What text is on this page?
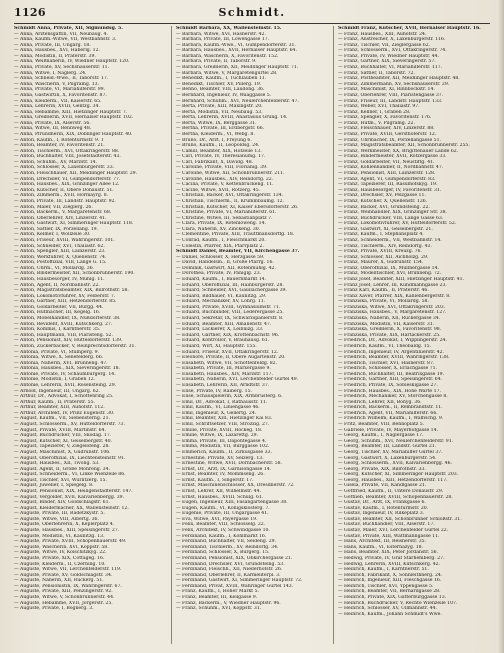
1126	Schmidt.
Schmidt Anna, Private, XII, Sigmundsg. 5.
— Anna, Ärztensgattin, VII, Neubaug. 4.
— Anna, Kaufm.-Witwe, VII, Westbahnstr. 3.
— Anna, Private, III, Ungarg. 18.
— Anna, Hausbes., XVI, Haberlg. 12.
— Anna, Modistin, II, Praterstr. 39.
— Anna, Weißnäherin, IV, Wiedner Hauptstr. 120.
— Anna, Private, XV, Sechshauserstr. 11.
— Anna, Witwe, I, Naglerg. 24.
— Anna, Schneid.-Wwe., II, Taborstr. 17.
— Anna, Wäscherin, V, Pilgramg. 13.
— Anna, Private, VI, Mariahilferstr. 99.
— Anna, Gastwirtin, X, Favoritenstr. 87.
— Anna, Kleiderm., VII, Kaiserstr. 65.
— Anna, Lehrerin, XVIII, Gentzg. 34.
— Anna, Hebamme, XIII, Hietzinger Hauptstr. 7.
— Anna, Greißlerin, XVII, Hernalser Hauptstr. 102.
— Anna, Private, IX, Alserstr. 56.
— Anna, Witwe, III, Rennweg 48.
— Anna, Pfründnerin, XIX, Döblinger Hauptstr. 40.
— Anton, Kaufm., I, Rotenturmstr. 9. T
— Anton, Beamter, IV, Favoritenstr. 21.
— Anton, Tischlerm., XVI, Ottakringerstr. 88.
— Anton, Buchhalter, VIII, Josefstädterstr. 43.
— Anton, Schuhm., XV, Märzstr. 14.
— Anton, Schlosser, X, Laxenburgerstr. 33.
— Anton, Fleischhauer, XII, Meidlinger Hauptstr. 29.
— Anton, Drechsler, VI, Gumpendorferstr. 77.
— Anton, Hausbes., XIX, Grinzinger Allee 12.
— Anton, Kutscher, II, Obere Donaustr. 51.
— Anton, Zimmerm., XVII, Hormayrg. 8.
— Anton, Private, III, Landstr. Hauptstr. 92.
— Anton, Maler, VII, Zieglerg. 26.
— Anton, Bäckerm., V, Margaretenstr. 68.
— Anton, Oberlehrer, XIV, Linzerstr. 41.
— Anton, Gastwirt, XI, Simmeringer Hauptstr. 118.
— Anton, Sattler, IX, Porzellang. 19.
— Anton, Kellner, I, Wollzeile 30.
— Anton, Friseur, XVIII, Währingerstr. 101.
— Anton, Schneider, XVI, Thaliastr. 62.
— Anton, Spengler, XIII, Lainzerstr. 23.
— Anton, Werkführer, X, Quellenstr. 74.
— Anton, Postoffizial, VIII, Lange G. 15.
— Anton, Uhrm., VI, Mollardg. 36.
— Anton, Bindermeister, XII, Schönbrunnerstr. 190.
— Anton, Hausbesorger, IV, Mühlg. 11.
— Anton, Agent, II, Nordbahnstr. 22.
— Anton, Magistratsbeamter, XIX, Billrothstr. 58.
— Anton, Lokomotivführer, XV, Felberstr. 7.
— Anton, Gärtner, XIII, Hetzendorferstr. 85.
— Anton, Goldarbeiter, VII, Burgg. 44.
— Anton, Hutmacher, III, Kegelg. 16.
— Anton, Möbelhändler, IX, Nußdorferstr. 38.
— Anton, Revident, XVIII, Kutschkerg. 27.
— Anton, Kommis, I, Kärntnerstr. 35.
— Anton, Hauptmann, VIII, Piaristeng. 52.
— Anton, Pensionist, XIV, Hütteldorferstr. 139.
— Anton, Zuckerbäcker, V, Reinprechtsdorferstr. 31.
— Antonia, Private, VI, Stumperg. 9.
— Antonia, Witwe, X, Senefelderg. 66.
— Antonia, Näherin, XVI, Brunneng. 47.
— Antonia, Hausbes., XIX, Sieveringerstr. 18.
— Antonie, Private, IV, Schaumburgerg. 14.
— Antonie, Modistin, I, Graben 12.
— Antonie, Lehrerin, XVII, Rosensteing. 29.
— Arnold, Ingenieur, III, Ungarg. 62.
— Arthur, Dr., Advokat, I, Schottenring 25.
— Arthur, Kaufm., II, Praterstr. 55.
— Arthur, Beamter, XIII, Auhofstr. 112.
— Arthur, Architekt, IV, Prinz Eugenstr. 30.
— August, Kaufm., VII, Siebensterng. 21.
— August, Schlosserm., XV, Hütteldorferstr. 73.
— August, Private, XVIII, Martinstr. 64.
— August, Buchdrucker, VIII, Skodag. 17.
— August, Kutscher, XI, Geiselbergstr. 40.
— August, Tapezierer, V, Ziegelofeng. 28.
— August, Maschinist, X, Gudrunstr. 106.
— August, Oberoffizial, IX, Liechtensteinstr. 91.
— August, Hausbes., XII, Tivolig. 53.
— August, Agent, II, Große Mohreng. 34.
— August, Schneiderm., VI, Linke Wienzeile 86.
— August, Tischler, XVI, Wurlitzerg. 15.
— August, Juwelier, I, Spiegelg. 8.
— August, Pensionist, XIX, Heiligenstädterstr. 147.
— August, Vergolder, XVII, Kalvarienbergg. 39.
— August, Binder, XIV, Goldschlagstr. 61.
— August, Kleidermacher, XX, Wallensteinstr. 12.
— Auguste, Private, III, Radetzkystr. 5.
— Auguste, Witwe, VIII, Albertg. 36.
— Auguste, Oberlehrerin, X, Keplerplatz 4.
— Auguste, Hausbes., XIII, Speisingerstr. 27.
— Auguste, Modistin, VI, Kaunitzg. 13.
— Auguste, Private, XVIII, Schopenhauerstr. 49.
— Auguste, Wäscherin, XVI, Koppstr. 58.
— Auguste, Witwe, IV, Kolschitzkyg. 22.
— Auguste, Private, XIX, Cottageg. 16.
— Auguste, Kleiderm., II, Czerning. 10.
— Auguste, Witwe, VII, Lerchenfelderstr. 119.
— Auguste, Private, XV, Goldschlagstr. 34.
— Auguste, Näherin, XII, Ruckerg. 51.
— Auguste, Pensionistin, IX, Währingerstr. 67.
— Auguste, Private, XIII, Penzingerstr. 92.
— Auguste, Witwe, V, Schönbrunnerstr. 44.
— Auguste, Hebamme, XVII, Jörgerstr. 25.
— Auguste, Private, I, Bognerg. 3.
Schmidt Barbara, XX, Wallensteinstr. 15.
— Barbara, Witwe, XVI, Hasnerstr. 42.
— Barbara, Private, III, Löwengasse 17.
— Barbara, Kaufm.-Wwe., VI, Gumpendorferstr. 31.
— Barbara, Hausbes., XVII, Hernalser Hauptstr. 64.
— Barbara, Wäscherin, X, Favoritenstr. 152.
— Barbara, Private, II, Taborstr. 9.
— Barbara, Greißlerin, XII, Meidlinger Hauptstr. 71.
— Barbara, Witwe, V, Margaretengürtel 28.
— Benedikt, Kaufm., I, Tuchlauben 11.
— Benedikt, Tischler, XV, Pillerg. 19.
— Benno, Beamter, VIII, Laudong. 36.
— Bernhard, Ingenieur, IV, Waaggasse 5.
— Bernhard, Schuhm., XVI, Neulerchenfelderstr. 47.
— Berta, Private, XIII, Maxingstr. 20.
— Berta, Modistin, VII, Neubaug. 53.
— Berta, Lehrerin, XVIII, Anastasius Grüng. 14.
— Berta, Witwe, IX, Berggasse 31.
— Bertha, Private, III, Erdbergstr. 66.
— Bertha, Kleiderm., VI, Webg. 8.
— Bruno, Dr., Arzt, I, Freyung 6.
— Bruno, Kaufm., II, Leopoldsg. 24.
— Camill, Beamter, XIX, Hofzeile 13.
— Carl, Private, IV, Theresianumg. 17.
— Carl, Fabrikant, X, Davidg. 48.
— Caroline, Private, VIII, Florianig. 39.
— Caroline, Witwe, XII, Schönbrunnerstr. 211.
— Caroline, Hausbes., XIV, Reindorfg. 22.
— Cäcilia, Private, V, Kettenbrückeng. 11.
— Cäcilie, Witwe, XVII, Rötzerg. 45.
— Christian, Bäcker, XVI, Ottakringerstr. 134.
— Christian, Tischlerm., II, Krummbaumg. 12.
— Christian, Kutscher, XI, Kaiser Ebersdorferstr. 26.
— Christine, Private, VI, Mariahilferstr. 61.
— Christine, Witwe, III, Sebastianplatz 7.
— Clara, Private, IX, Rotenlöweng. 14.
— Clara, Näherin, XV, Zinckeng. 30.
— Clementine, Private, XIII, Trauttmansdorffg. 18.
— Conrad, Kaufm., I, Fleischmarkt 20.
— Cölestin, Pfarrer, XIX, Pfarrplatz 2.
Schmidt Daniel, Beamter, VII, Kirchengasse 37.
— Daniel, Schlosser, X, Herzgasse 59.
— David, Handelsm., II, Große Pfarrg. 16.
— Dominik, Gastwirt, XII, Rotenmühlg. 42.
— Dorothea, Private, IV, Paniglg. 23.
— Eduard, Kaufm., I, Bauernmarkt 14.
— Eduard, Oberoffizial, III, Hainburgerstr. 28.
— Eduard, Schneider, XVI, Gaullachergasse 39.
— Eduard, Bildhauer, VI, Kaunitzg. 29.
— Eduard, Mechaniker, XV, Löhrg. 11.
— Eduard, Private, XVIII, Gymnasiumstr. 71.
— Eduard, Buchbinder, VIII, Lederergasse 25.
— Eduard, Sekretär, IX, Schwarzspanierstr. 8.
— Eduard, Beamter, XIII, Amalienstr. 47.
— Eduard, Lackierer, X, Leibnizg. 33.
— Eduard, Gärtner, XIX, Krottenbachstr. 96.
— Eduard, Kontrollor, V, Bräuhausg. 61.
— Eduard, Wirt, XI, Hauptstr. 155.
— Eduard, Friseur, XVII, Ottakringerstr. 12.
— Eleonore, Private, II, Obere Augartenstr. 20.
— Elisabeth, Witwe, VII, Schottenfeldg. 82.
— Elisabeth, Private, III, Marxergasse 9.
— Elisabeth, Hausbes., XIV, Märzstr. 117.
— Elisabeth, Näherin, XVI, Lerchenfelder Gürtel 49.
— Elisabeth, Lehrerin, XII, Arndtstr. 37.
— Elise, Private, IV, Rainerg. 15.
— Elise, Schauspielerin, XIX, Armbrusterg. 6.
— Emil, Dr., Advokat, I, Rathausstr. 11.
— Emil, Kaufm., VI, Liniengasse 46.
— Emil, Ingenieur, X, Gellertg. 24.
— Emil, Beamter, XIII, Hietzinger Kai 83.
— Emil, Schriftsetzer, VIII, Strozzig. 27.
— Emilie, Private, XVIII, Hockeg. 18.
— Emilie, Witwe, IX, Lazarettg. 29.
— Emma, Private, III, Dapontegasse 4.
— Emma, Modistin, VII, Burggasse 102.
— Emmerich, Kaufm., II, Zirkusgasse 33.
— Ernestine, Private, XV, Selzerg. 13.
— Ernestine, Witwe, XVII, Dornbacherstr. 58.
— Ernst, Dr., Arzt, IX, Garnisongasse 14.
— Ernst, Beamter, IV, Mommseng. 26.
— Ernst, Kaufm., I, Singerstr. 17.
— Ernst, Maschinenschlosser, XX, Dresdnerstr. 72.
— Ernst, Lehrer, XII, Wilhelmstr. 44.
— Ernst, Hausbes., XVIII, Schulg. 61.
— Eugen, Ingenieur, XIII, Fasangartengasse 38.
— Eugen, Kaufm., VI, Königsklosterg. 7.
— Eugenie, Private, III, Ungargasse 41.
— Eva, Witwe, XVI, Payergasse 19.
— Felix, Beamter, VIII, Schlösselg. 22.
— Felix, Architekt, IV, Schwindgasse 10.
— Ferdinand, Kaufm., I, Kohlmarkt 16.
— Ferdinand, Buchhalter, VII, Seideng. 29.
— Ferdinand, Tischlerm., XV, Reindorfg. 34.
— Ferdinand, Schlosser, X, Bürgerg. 15.
— Ferdinand, Pensionist, XIX, Obkirchergasse 21.
— Ferdinand, Drechsler, XVI, Grundsteing. 53.
— Ferdinand, Fleischh., XII, Niederhofstr. 26.
— Ferdinand, Oberlehrer, II, Karmeliterpl. 3.
— Ferdinand, Gastwirt, XI, Simmeringer Hauptstr. 72.
— Ferdinand, Privat, XVIII, Währinger Gürtel 143.
— Franz, Kaufm., I, Hoher Markt 5.
— Franz, Beamter, III, Keilgasse 9.
— Franz, Bäckerm., V, Wiedner Hauptstr. 96.
— Franz, Schuhm., XVI, Koppstr. 31.
Schmidt Franz, Kutscher, XVII, Hernalser Hauptstr. 16.
— Franz, Hausbes., XIII, Auhofstr. 24.
— Franz, Anstreicher, X, Laxenburgerstr. 116.
— Franz, Tischler, VII, Zieglergasse 62.
— Franz, Schlosserm., XVI, Ottakringerstr. 74.
— Franz, Private, IV, Wiedner Hauptstr. 44.
— Franz, Gärtner, XIX, Sieveringerstr. 57.
— Franz, Buchhalter, VI, Mariahilferstr. 117.
— Franz, Sattler, II, Taborstr. 72.
— Franz, Postbeamter, XII, Meidlinger Hauptstr. 48.
— Franz, Zimmermann, XV, Sechshauserstr. 29.
— Franz, Maschinist, XI, Rinnböckstr. 14.
— Franz, Oberlehrer, VIII, Piaristengasse 37.
— Franz, Friseur, III, Landstr. Hauptstr. 133.
— Franz, Weber, XVI, Thaliastr. 97.
— Franz, Kellner, I, Graben 28.
— Franz, Spengler, X, Favoritenstr. 176.
— Franz, Hutm., V, Pilgramg. 22.
— Franz, Fleischhauer, XIV, Linzerstr. 88.
— Franz, Private, XVIII, Gersthoferstr. 12.
— Franz, Uhrmacher, IX, Porzellangasse 51.
— Franz, Magistratsbeamter, XII, Schönbrunnerstr. 255.
— Franz, Werkmeister, XX, Brigittenauer Lände 62.
— Franz, Bindermeister, XVII, Rötzergasse 33.
— Franz, Goldarbeiter, VII, Neustiftg. 41.
— Franz, Kohlenhändler, II, Nordbahnstr. 47.
— Franz, Pensionist, XIII, Lainzerstr. 128.
— Franz, Agent, VI, Gumpendorferstr. 83.
— Franz, Tapezierer, III, Rasumofskyg. 19.
— Franz, Hausbesorger, IV, Favoritenstr. 31.
— Franz, Drechsler, XV, Pelzgasse 11.
— Franz, Kutscher, X, Quellenstr. 126.
— Franz, Bäcker, XVI, Grundsteing. 22.
— Franz, Weinhändler, XIX, Grinzinger Str. 38.
— Franz, Buchdrucker, VIII, Lange Gasse 63.
— Franz, Lokomotivführer, XV, Hütteldorferstr. 52.
— Franz, Gastwirt, XI, Geiselbergstr. 21.
— Franz, Kaufm., I, Stephansplatz 4.
— Franz, Schneiderm., VII, Westbahnstr. 14.
— Franz, Tischlerm., XIV, Reindorfg. 43.
— Franz, Private, XVIII, Kreuzg. 76.
— Franz, Schlosser, XII, Aichholzg. 29.
— Franz, Maurer, X, Gudrunstr. 154.
— Franz, Oberoffizial, IX, Müllnergasse 14.
— Franz, Modelltischler, XVI, Brunneng. 72.
— Franz Josef, Beamter, XIII, Hietzinger Hauptstr. 41.
— Franz Josef, Lehrer, III, Kundmanngasse 23.
— Franz Karl, Kaufm., II, Praterstr. 46.
— Franz Xaver, Pfarrer, XIX, Kahlenbergerstr. 8.
— Franziska, Private, VI, Mollardg. 58.
— Franziska, Witwe, XVI, Ottakringerstr. 203.
— Franziska, Hausbes., V, Margaretenstr. 127.
— Franziska, Näherin, XII, Ruckergasse 34.
— Franziska, Modistin, VII, Kaiserstr. 31.
— Franziska, Greißlerin, X, Favoritenstr. 98.
— Franziska, Private, XIX, Hartäckerstr. 25.
— Friedrich, Dr., Advokat, I, Wipplingerstr. 24.
— Friedrich, Kaufm., VI, Theobaldg. 15.
— Friedrich, Ingenieur, IV, Argentinierstr. 42.
— Friedrich, Beamter, XVIII, Währingerstr. 138.
— Friedrich, Tischler, XVI, Hasnerstr. 87.
— Friedrich, Schlosser, X, Erlachgasse 71.
— Friedrich, Buchhalter, III, Beatrixgasse 19.
— Friedrich, Gärtner, XIII, Speisingerstr. 64.
— Friedrich, Private, IX, Sobieskigasse 27.
— Friedrich, Hausbes., XIX, Hohe Warte 17.
— Friedrich, Mechaniker, XV, Storchengasse 8.
— Friedrich, Lehrer, XII, Bonyg. 36.
— Friedrich, Bäckerm., II, Rembrandtstr. 11.
— Friedrich, Agent, VII, Mariahilferstr. 66.
— Friedrich Wilhelm, Kaufm., I, Walfischg. 9.
— Fritz, Beamter, VIII, Bennoplatz 5.
— Gabriele, Private, IV, Mayerhofgasse 14.
— Georg, Kaufm., I, Naglergasse 17.
— Georg, Schuhm., XVI, Neulerchenfelderstr. 91.
— Georg, Beamter, III, Landstr. Gürtel 21.
— Georg, Tischler, XV, Mariahilfer Gürtel 37.
— Georg, Gastwirt, X, Laxenburgerstr. 54.
— Georg, Schlosserm., XVII, Kalvarienbergg. 46.
— Georg, Private, XIX, Billrothstr. 33.
— Georg, Kutscher, XI, Simmeringer Hauptstr. 203.
— Georg, Hausbes., XIII, Hetzendorferstr. 117.
— Gisela, Private, VII, Kandlgasse 21.
— Gottfried, Kaufm., II, Untere Donaustr. 29.
— Gottlieb, Beamter, XVIII, Schopenhauerstr. 28.
— Gustav, Dr., Arzt, IX, Frankgasse 6.
— Gustav, Kaufm., I, Rotenturmstr. 20.
— Gustav, Ingenieur, IV, Rilkeplatz 3.
— Gustav, Beamter, XII, Schönbrunner Schloßstr. 31.
— Gustav, Buchhändler, VIII, Alserstr. 17.
— Gustav, Maler, XVI, Lerchenfelder Gürtel 22.
— Gustav, Private, XIII, Wattmanngasse 11.
— Hans, Architekt, III, Reisnerstr. 35.
— Hans, Kaufm., VI, Esterházyg. 18.
— Hans, Beamter, XIX, Peter Jordanstr. 56.
— Hedwig, Private, IV, Graf Starhemberg. 27.
— Hedwig, Lehrerin, XVIII, Kutschkerg. 42.
— Heinrich, Kaufm., I, Kärntnerstr. 51.
— Heinrich, Fabrikant, X, Sonnleithnerg. 24.
— Heinrich, Ingenieur, XIII, Fleschgasse 16.
— Heinrich, Tischler, XVI, Yppengasse 5.
— Heinrich, Beamter, VII, Bernardgasse 28.
— Heinrich, Private, XIX, Gatterburggasse 13.
— Heinrich, Buchdrucker, V, Rechte Wienzeile 107.
— Heinrich, Schlosser, XV, Ullmannstr. 44.
— Heinrich, Kaufm., Johann Schmidt's Wwe.
